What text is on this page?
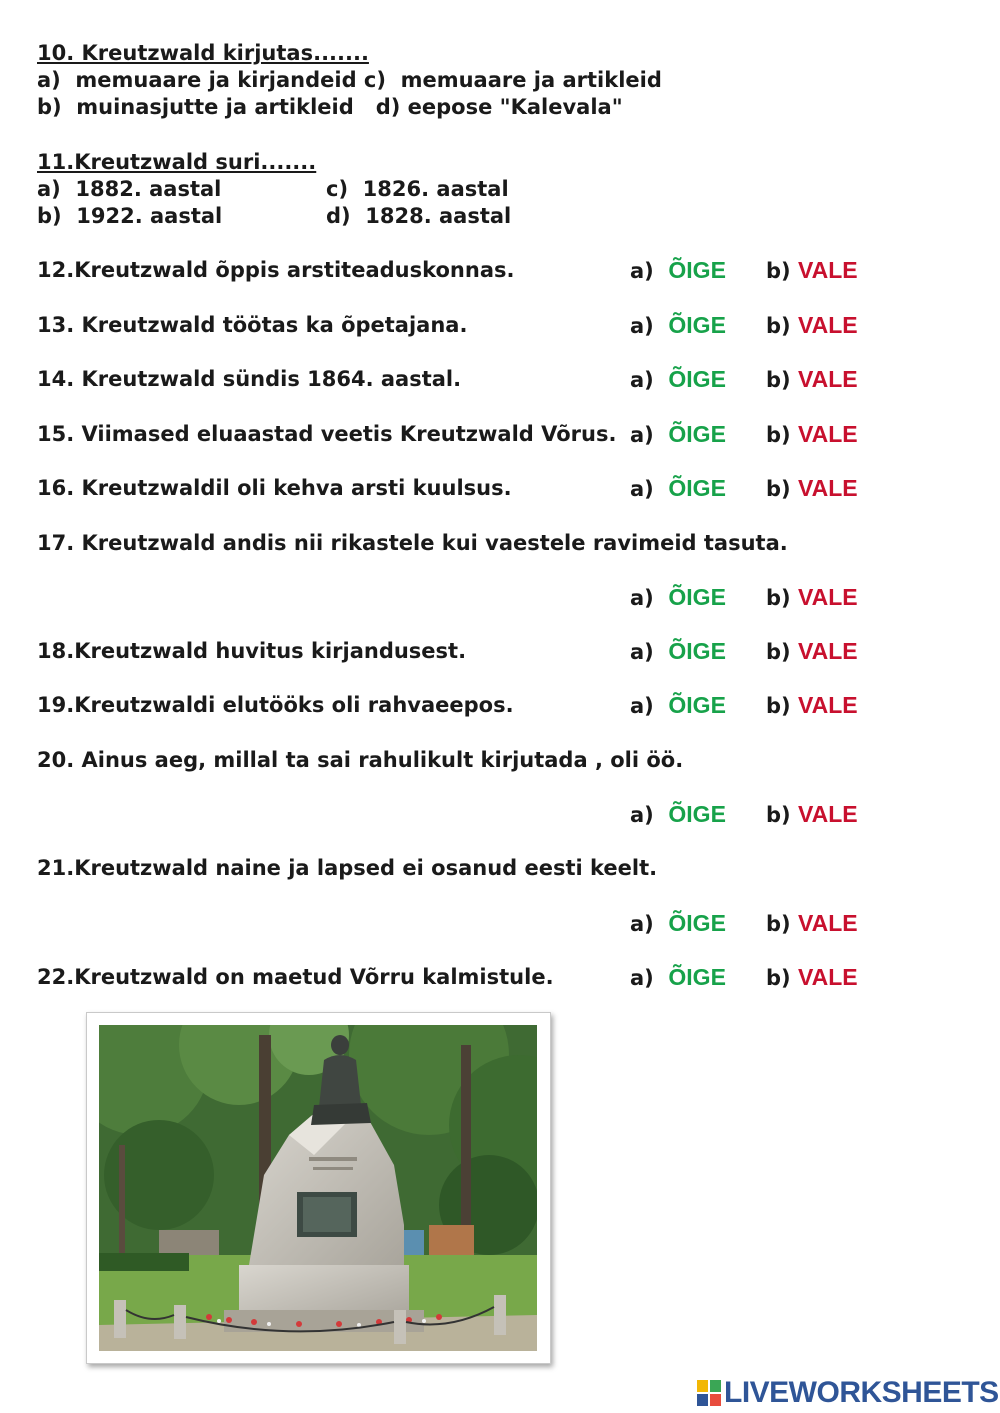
10. Kreutzwald kirjutas.......
a)  memuaare ja kirjandeid c)  memuaare ja artikleid
b)  muinasjutte ja artikleid   d) eepose "Kalevala"
11.Kreutzwald suri.......
a)  1882. aastal	c)  1826. aastal
b)  1922. aastal	d)  1828. aastal
12.Kreutzwald õppis arstiteaduskonnas.
13. Kreutzwald töötas ka õpetajana.
14. Kreutzwald sündis 1864. aastal.
15. Viimased eluaastad veetis Kreutzwald Võrus.
16. Kreutzwaldil oli kehva arsti kuulsus.
17. Kreutzwald andis nii rikastele kui vaestele ravimeid tasuta.
18.Kreutzwald huvitus kirjandusest.
19.Kreutzwaldi elutööks oli rahvaeepos.
20. Ainus aeg, millal ta sai rahulikult kirjutada , oli öö.
21.Kreutzwald naine ja lapsed ei osanud eesti keelt.
22.Kreutzwald on maetud Võrru kalmistule.
a) ÕIGE b) VALE
a) ÕIGE b) VALE
a) ÕIGE b) VALE
a) ÕIGE b) VALE
a) ÕIGE b) VALE
a) ÕIGE b) VALE
a) ÕIGE b) VALE
a) ÕIGE b) VALE
a) ÕIGE b) VALE
a) ÕIGE b) VALE
a) ÕIGE b) VALE
LIVEWORKSHEETS
